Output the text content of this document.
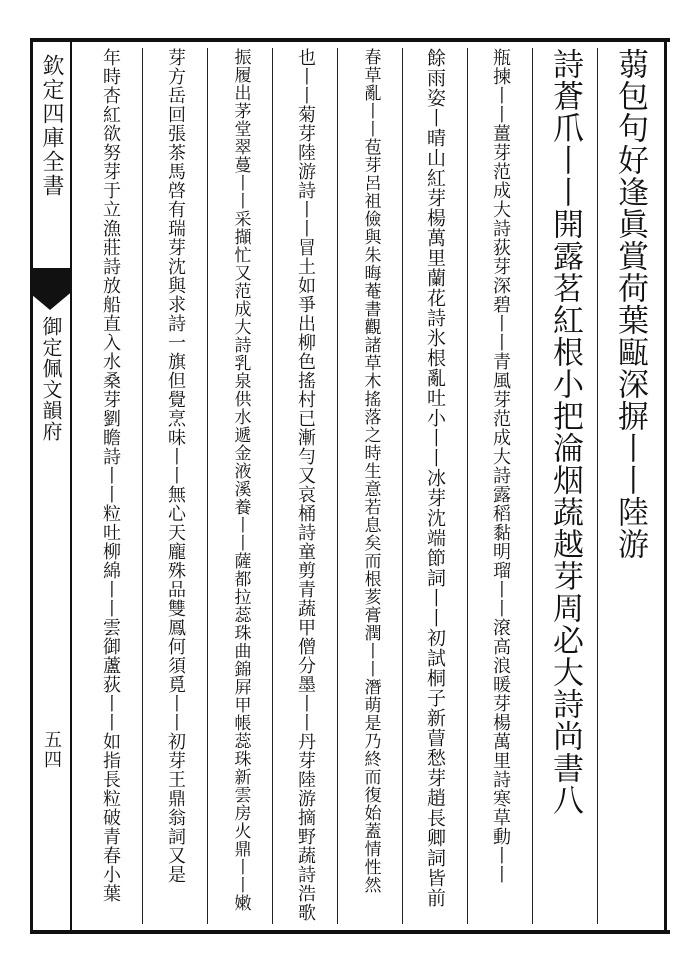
欽定四庫全書
御定佩文韻府
五四
蒻包句好逢眞賞荷葉甌深摒丨丨陸游
詩蒼爪丨丨開露茗紅根小把淪烟蔬越芽周必大詩尚書八
瓶揀丨丨薑芽范成大詩荻芽深碧丨丨青風芽范成大詩露稻黏明瑠丨丨滾高浪暖芽楊萬里詩寒草動丨丨
餘雨姿丨晴山紅芽楊萬里蘭花詩氷根亂吐小丨丨冰芽沈端節詞丨丨初試桐子新萺愁芽趙長卿詞皆前
春草亂丨丨苞芽呂祖儉與朱晦菴書觀諸草木搖落之時生意若息矣而根荄膏潤丨丨潛萌是乃終而復始蓋情性然
也丨丨菊芽陸游詩丨丨冒土如爭出柳色搖村已漸勻又哀桶詩童剪青蔬甲僧分墨丨丨丹芽陸游摘野蔬詩浩歌
振履出茅堂翠蔓丨丨采擷忙又范成大詩乳泉供水遞金液溪養丨丨薩都拉蕊珠曲錦屛甲帳蕊珠新雲房火鼎丨丨嫩
芽方岳回張茶馬啓有瑞芽沈與求詩一旗但覺烹味丨丨無心天龐殊品雙鳳何須覓丨丨初芽王鼎翁詞又是
年時杏紅欲努芽于立漁莊詩放船直入水桑芽劉瞻詩丨丨粒吐柳綿丨丨雲御蘆荻丨丨如指長粒破青春小葉
